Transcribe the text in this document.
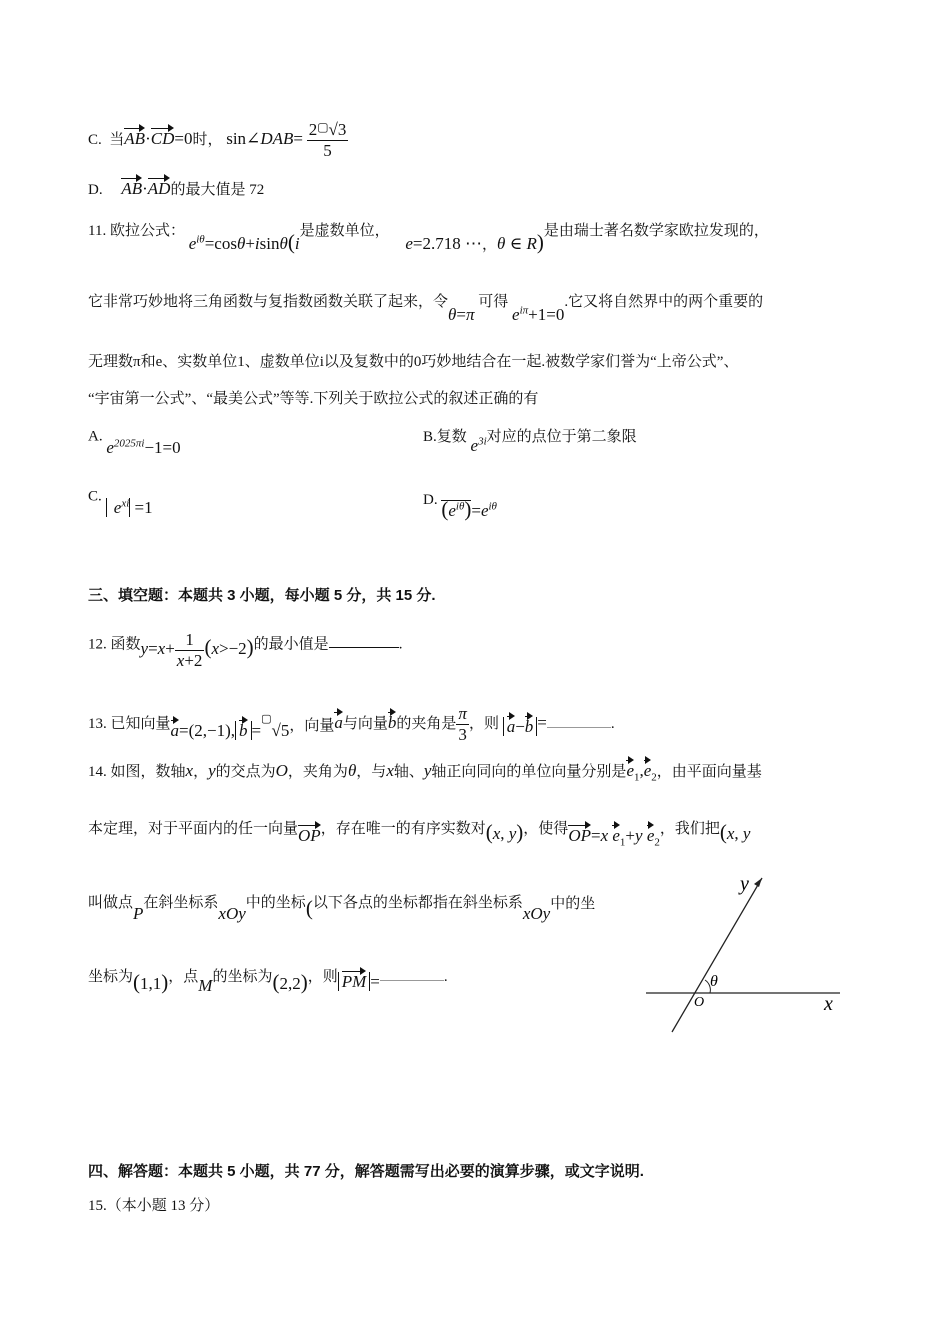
C. 当AB·CD=0时， sin∠DAB= $\frac{2^▢√3}{5}$
D. AB·AD的最大值是 72
11. 欧拉公式： $e^{i\theta}=\cos\theta+isin\theta(i$是虚数单位， e=2.718 ⋯，θ ∈ R)是由瑞士著名数学家欧拉发现的，
它非常巧妙地将三角函数与复指数函数关联了起来，令θ=π 可得 $e^{i\pi}+1=0$.它又将自然界中的两个重要的
无理数π和e、实数单位1、虚数单位i以及复数中的0巧妙地结合在一起.被数学家们誉为“上帝公式”、
“宇宙第一公式”、“最美公式”等等.下列关于欧拉公式的叙述正确的有
A. $e^{2025\pi i}-1=0$
B.复数 $e^{3i}$对应的点位于第二象限
C.  $e^{xi} =1$	D. $(e^{i\theta})=e^{i\theta}$
三、填空题：本题共 3 小题，每小题 5 分，共 15 分.
12. 函数$y=x+ \frac{1}{x+2} (x>-2)$的最小值是	.
13. 已知向量a=(2,−1), b =▢√5，向量a与向量b的夹角是 $\frac{\pi}{3}$ ，则 a−b =	.
14. 如图，数轴x，y的交点为O，夹角为θ，与x轴、y轴正向同向的单位向量分别是$e_1,e_2$，由平面向量基
本定理，对于平面内的任一向量OP，存在唯一的有序实数对(x, y)，使得OP=x $e_1+y$ $e_2$，我们把(x, y
叫做点P在斜坐标系xOy中的坐标(以下各点的坐标都指在斜坐标系xOy中的坐
坐标为(1,1)，点M的坐标为(2,2)，则 PM =	.
y
x
O
θ
四、解答题：本题共 5 小题，共 77 分，解答题需写出必要的演算步骤，或文字说明.
15.（本小题 13 分）
